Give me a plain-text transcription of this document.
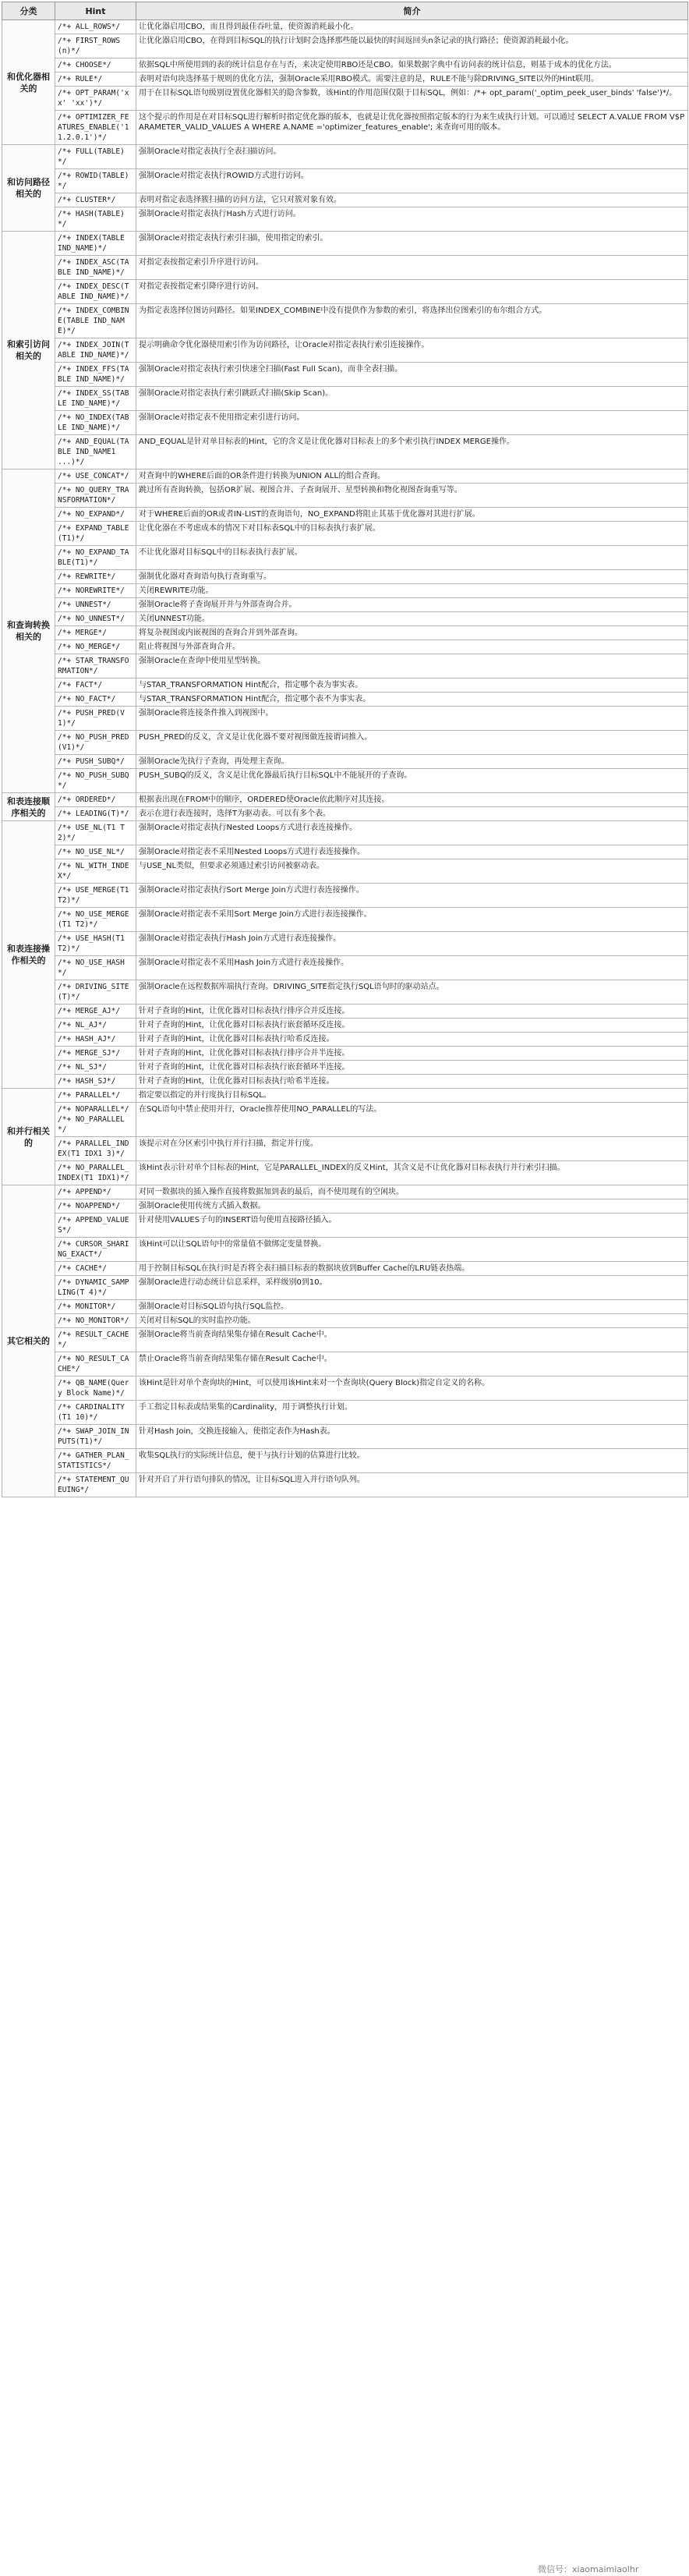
分类	Hint	简介
和优化器相关的	/*+ ALL_ROWS*/	让优化器启用CBO，而且得到最佳吞吐量，使资源消耗最小化。
	/*+ FIRST_ROWS(n)*/	让优化器启用CBO，在得到目标SQL的执行计划时会选择那些能以最快的时间返回头n条记录的执行路径；使资源消耗最小化。
	/*+ CHOOSE*/	依据SQL中所使用到的表的统计信息存在与否，来决定使用RBO还是CBO。如果数据字典中有访问表的统计信息，则基于成本的优化方法。
	/*+ RULE*/	表明对语句块选择基于规则的优化方法，强制Oracle采用RBO模式。需要注意的是，RULE不能与除DRIVING_SITE以外的Hint联用。
	/*+ OPT_PARAM('xx' 'xx')*/	用于在目标SQL语句级别设置优化器相关的隐含参数，该Hint的作用范围仅限于目标SQL，例如：/*+ opt_param('_optim_peek_user_binds' 'false')*/。
	/*+ OPTIMIZER_FEATURES_ENABLE('11.2.0.1')*/	这个提示的作用是在对目标SQL进行解析时指定优化器的版本，也就是让优化器按照指定版本的行为来生成执行计划。可以通过 SELECT A.VALUE FROM V$PARAMETER_VALID_VALUES A WHERE A.NAME ='optimizer_features_enable'; 来查询可用的版本。
和访问路径相关的	/*+ FULL(TABLE)*/	强制Oracle对指定表执行全表扫描访问。
	/*+ ROWID(TABLE)*/	强制Oracle对指定表执行ROWID方式进行访问。
	/*+ CLUSTER*/	表明对指定表选择簇扫描的访问方法，它只对簇对象有效。
	/*+ HASH(TABLE)*/	强制Oracle对指定表执行Hash方式进行访问。
和索引访问相关的	/*+ INDEX(TABLE IND_NAME)*/	强制Oracle对指定表执行索引扫描，使用指定的索引。
	/*+ INDEX_ASC(TABLE IND_NAME)*/	对指定表按指定索引升序进行访问。
	/*+ INDEX_DESC(TABLE IND_NAME)*/	对指定表按指定索引降序进行访问。
	/*+ INDEX_COMBINE(TABLE IND_NAME)*/	为指定表选择位图访问路径。如果INDEX_COMBINE中没有提供作为参数的索引，将选择出位图索引的布尔组合方式。
	/*+ INDEX_JOIN(TABLE IND_NAME)*/	提示明确命令优化器使用索引作为访问路径，让Oracle对指定表执行索引连接操作。
	/*+ INDEX_FFS(TABLE IND_NAME)*/	强制Oracle对指定表执行索引快速全扫描(Fast Full Scan)，而非全表扫描。
	/*+ INDEX_SS(TABLE IND_NAME)*/	强制Oracle对指定表执行索引跳跃式扫描(Skip Scan)。
	/*+ NO_INDEX(TABLE IND_NAME)*/	强制Oracle对指定表不使用指定索引进行访问。
	/*+ AND_EQUAL(TABLE IND_NAME1 ...)*/	AND_EQUAL是针对单目标表的Hint，它的含义是让优化器对目标表上的多个索引执行INDEX MERGE操作。
和查询转换相关的	/*+ USE_CONCAT*/	对查询中的WHERE后面的OR条件进行转换为UNION ALL的组合查询。
	/*+ NO_QUERY_TRANSFORMATION*/	跳过所有查询转换，包括OR扩展、视图合并、子查询展开、星型转换和物化视图查询重写等。
	/*+ NO_EXPAND*/	对于WHERE后面的OR或者IN-LIST的查询语句，NO_EXPAND将阻止其基于优化器对其进行扩展。
	/*+ EXPAND_TABLE(T1)*/	让优化器在不考虑成本的情况下对目标表SQL中的目标表执行表扩展。
	/*+ NO_EXPAND_TABLE(T1)*/	不让优化器对目标SQL中的目标表执行表扩展。
	/*+ REWRITE*/	强制优化器对查询语句执行查询重写。
	/*+ NOREWRITE*/	关闭REWRITE功能。
	/*+ UNNEST*/	强制Oracle将子查询展开并与外部查询合并。
	/*+ NO_UNNEST*/	关闭UNNEST功能。
	/*+ MERGE*/	将复杂视图或内嵌视图的查询合并到外部查询。
	/*+ NO_MERGE*/	阻止将视图与外部查询合并。
	/*+ STAR_TRANSFORMATION*/	强制Oracle在查询中使用星型转换。
	/*+ FACT*/	与STAR_TRANSFORMATION Hint配合，指定哪个表为事实表。
	/*+ NO_FACT*/	与STAR_TRANSFORMATION Hint配合，指定哪个表不为事实表。
	/*+ PUSH_PRED(V1)*/	强制Oracle将连接条件推入到视图中。
	/*+ NO_PUSH_PRED(V1)*/	PUSH_PRED的反义，含义是让优化器不要对视图做连接谓词推入。
	/*+ PUSH_SUBQ*/	强制Oracle先执行子查询，再处理主查询。
	/*+ NO_PUSH_SUBQ*/	PUSH_SUBQ的反义，含义是让优化器最后执行目标SQL中不能展开的子查询。
和表连接顺序相关的	/*+ ORDERED*/	根据表出现在FROM中的顺序，ORDERED使Oracle依此顺序对其连接。
	/*+ LEADING(T)*/	表示在进行表连接时，选择T为驱动表。可以有多个表。
和表连接操作相关的	/*+ USE_NL(T1 T2)*/	强制Oracle对指定表执行Nested Loops方式进行表连接操作。
	/*+ NO_USE_NL*/	强制Oracle对指定表不采用Nested Loops方式进行表连接操作。
	/*+ NL_WITH_INDEX*/	与USE_NL类似，但要求必须通过索引访问被驱动表。
	/*+ USE_MERGE(T1 T2)*/	强制Oracle对指定表执行Sort Merge Join方式进行表连接操作。
	/*+ NO_USE_MERGE(T1 T2)*/	强制Oracle对指定表不采用Sort Merge Join方式进行表连接操作。
	/*+ USE_HASH(T1 T2)*/	强制Oracle对指定表执行Hash Join方式进行表连接操作。
	/*+ NO_USE_HASH*/	强制Oracle对指定表不采用Hash Join方式进行表连接操作。
	/*+ DRIVING_SITE(T)*/	强制Oracle在远程数据库端执行查询。DRIVING_SITE指定执行SQL语句时的驱动站点。
	/*+ MERGE_AJ*/	针对子查询的Hint，让优化器对目标表执行排序合并反连接。
	/*+ NL_AJ*/	针对子查询的Hint，让优化器对目标表执行嵌套循环反连接。
	/*+ HASH_AJ*/	针对子查询的Hint，让优化器对目标表执行哈希反连接。
	/*+ MERGE_SJ*/	针对子查询的Hint，让优化器对目标表执行排序合并半连接。
	/*+ NL_SJ*/	针对子查询的Hint，让优化器对目标表执行嵌套循环半连接。
	/*+ HASH_SJ*/	针对子查询的Hint，让优化器对目标表执行哈希半连接。
和并行相关的	/*+ PARALLEL*/	指定要以指定的并行度执行目标SQL。
	/*+ NOPARALLEL*/ /*+ NO_PARALLEL*/	在SQL语句中禁止使用并行，Oracle推荐使用NO_PARALLEL的写法。
	/*+ PARALLEL_INDEX(T1 IDX1 3)*/	该提示对在分区索引中执行并行扫描，指定并行度。
	/*+ NO_PARALLEL_INDEX(T1 IDX1)*/	该Hint表示针对单个目标表的Hint，它是PARALLEL_INDEX的反义Hint，其含义是不让优化器对目标表执行并行索引扫描。
其它相关的	/*+ APPEND*/	对同一数据块的插入操作直接将数据加到表的最后，而不使用现有的空闲块。
	/*+ NOAPPEND*/	强制Oracle使用传统方式插入数据。
	/*+ APPEND_VALUES*/	针对使用VALUES子句的INSERT语句使用直接路径插入。
	/*+ CURSOR_SHARING_EXACT*/	该Hint可以让SQL语句中的常量值不做绑定变量替换。
	/*+ CACHE*/	用于控制目标SQL在执行时是否将全表扫描目标表的数据块放到Buffer Cache的LRU链表热端。
	/*+ DYNAMIC_SAMPLING(T 4)*/	强制Oracle进行动态统计信息采样，采样级别0到10。
	/*+ MONITOR*/	强制Oracle对目标SQL语句执行SQL监控。
	/*+ NO_MONITOR*/	关闭对目标SQL的实时监控功能。
	/*+ RESULT_CACHE*/	强制Oracle将当前查询结果集存储在Result Cache中。
	/*+ NO_RESULT_CACHE*/	禁止Oracle将当前查询结果集存储在Result Cache中。
	/*+ QB_NAME(Query Block Name)*/	该Hint是针对单个查询块的Hint，可以使用该Hint来对一个查询块(Query Block)指定自定义的名称。
	/*+ CARDINALITY(T1 10)*/	手工指定目标表或结果集的Cardinality，用于调整执行计划。
	/*+ SWAP_JOIN_INPUTS(T1)*/	针对Hash Join，交换连接输入，使指定表作为Hash表。
	/*+ GATHER_PLAN_STATISTICS*/	收集SQL执行的实际统计信息，便于与执行计划的估算进行比较。
	/*+ STATEMENT_QUEUING*/	针对开启了并行语句排队的情况，让目标SQL进入并行语句队列。
微信号：xiaomaimiaolhr
